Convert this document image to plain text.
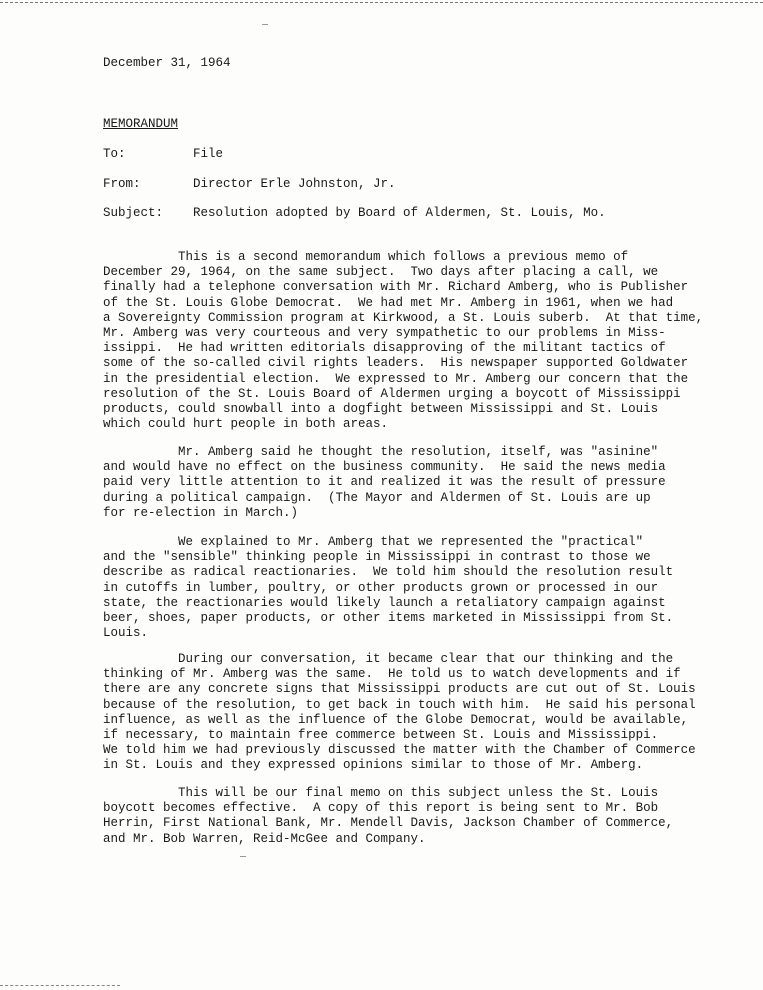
December 31, 1964
MEMORANDUM
To:	File
From:	Director Erle Johnston, Jr.
Subject: Resolution adopted by Board of Aldermen, St. Louis, Mo.
This is a second memorandum which follows a previous memo of
December 29, 1964, on the same subject.  Two days after placing a call, we
finally had a telephone conversation with Mr. Richard Amberg, who is Publisher
of the St. Louis Globe Democrat.  We had met Mr. Amberg in 1961, when we had
a Sovereignty Commission program at Kirkwood, a St. Louis suberb.  At that time,
Mr. Amberg was very courteous and very sympathetic to our problems in Miss-
issippi.  He had written editorials disapproving of the militant tactics of
some of the so-called civil rights leaders.  His newspaper supported Goldwater
in the presidential election.  We expressed to Mr. Amberg our concern that the
resolution of the St. Louis Board of Aldermen urging a boycott of Mississippi
products, could snowball into a dogfight between Mississippi and St. Louis
which could hurt people in both areas.
Mr. Amberg said he thought the resolution, itself, was "asinine"
and would have no effect on the business community.  He said the news media
paid very little attention to it and realized it was the result of pressure
during a political campaign.  (The Mayor and Aldermen of St. Louis are up
for re-election in March.)
We explained to Mr. Amberg that we represented the "practical"
and the "sensible" thinking people in Mississippi in contrast to those we
describe as radical reactionaries.  We told him should the resolution result
in cutoffs in lumber, poultry, or other products grown or processed in our
state, the reactionaries would likely launch a retaliatory campaign against
beer, shoes, paper products, or other items marketed in Mississippi from St.
Louis.
During our conversation, it became clear that our thinking and the
thinking of Mr. Amberg was the same.  He told us to watch developments and if
there are any concrete signs that Mississippi products are cut out of St. Louis
because of the resolution, to get back in touch with him.  He said his personal
influence, as well as the influence of the Globe Democrat, would be available,
if necessary, to maintain free commerce between St. Louis and Mississippi.
We told him we had previously discussed the matter with the Chamber of Commerce
in St. Louis and they expressed opinions similar to those of Mr. Amberg.
This will be our final memo on this subject unless the St. Louis
boycott becomes effective.  A copy of this report is being sent to Mr. Bob
Herrin, First National Bank, Mr. Mendell Davis, Jackson Chamber of Commerce,
and Mr. Bob Warren, Reid-McGee and Company.
